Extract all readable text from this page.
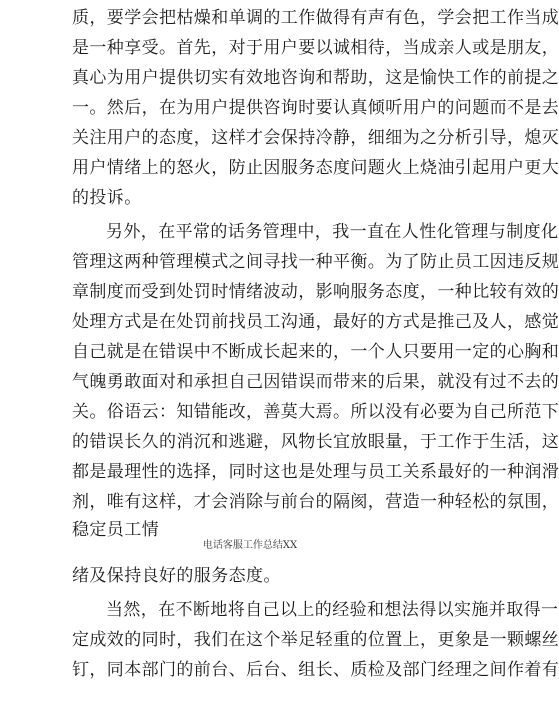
质，要学会把枯燥和单调的工作做得有声有色，学会把工作当成
是一种享受。首先，对于用户要以诚相待，当成亲人或是朋友，
真心为用户提供切实有效地咨询和帮助，这是愉快工作的前提之
一。然后，在为用户提供咨询时要认真倾听用户的问题而不是去
关注用户的态度，这样才会保持冷静，细细为之分析引导，熄灭
用户情绪上的怒火，防止因服务态度问题火上烧油引起用户更大
的投诉。
另外，在平常的话务管理中，我一直在人性化管理与制度化
管理这两种管理模式之间寻找一种平衡。为了防止员工因违反规
章制度而受到处罚时情绪波动，影响服务态度，一种比较有效的
处理方式是在处罚前找员工沟通，最好的方式是推己及人，感觉
自己就是在错误中不断成长起来的，一个人只要用一定的心胸和
气魄勇敢面对和承担自己因错误而带来的后果，就没有过不去的
关。俗语云：知错能改，善莫大焉。所以没有必要为自己所范下
的错误长久的消沉和逃避，风物长宜放眼量，于工作于生活，这
都是最理性的选择，同时这也是处理与员工关系最好的一种润滑
剂，唯有这样，才会消除与前台的隔阂，营造一种轻松的氛围，
稳定员工情
电话客服工作总结XX
绪及保持良好的服务态度。
当然，在不断地将自己以上的经验和想法得以实施并取得一
定成效的同时，我们在这个举足轻重的位置上，更象是一颗螺丝
钉，同本部门的前台、后台、组长、质检及部门经理之间作着有
